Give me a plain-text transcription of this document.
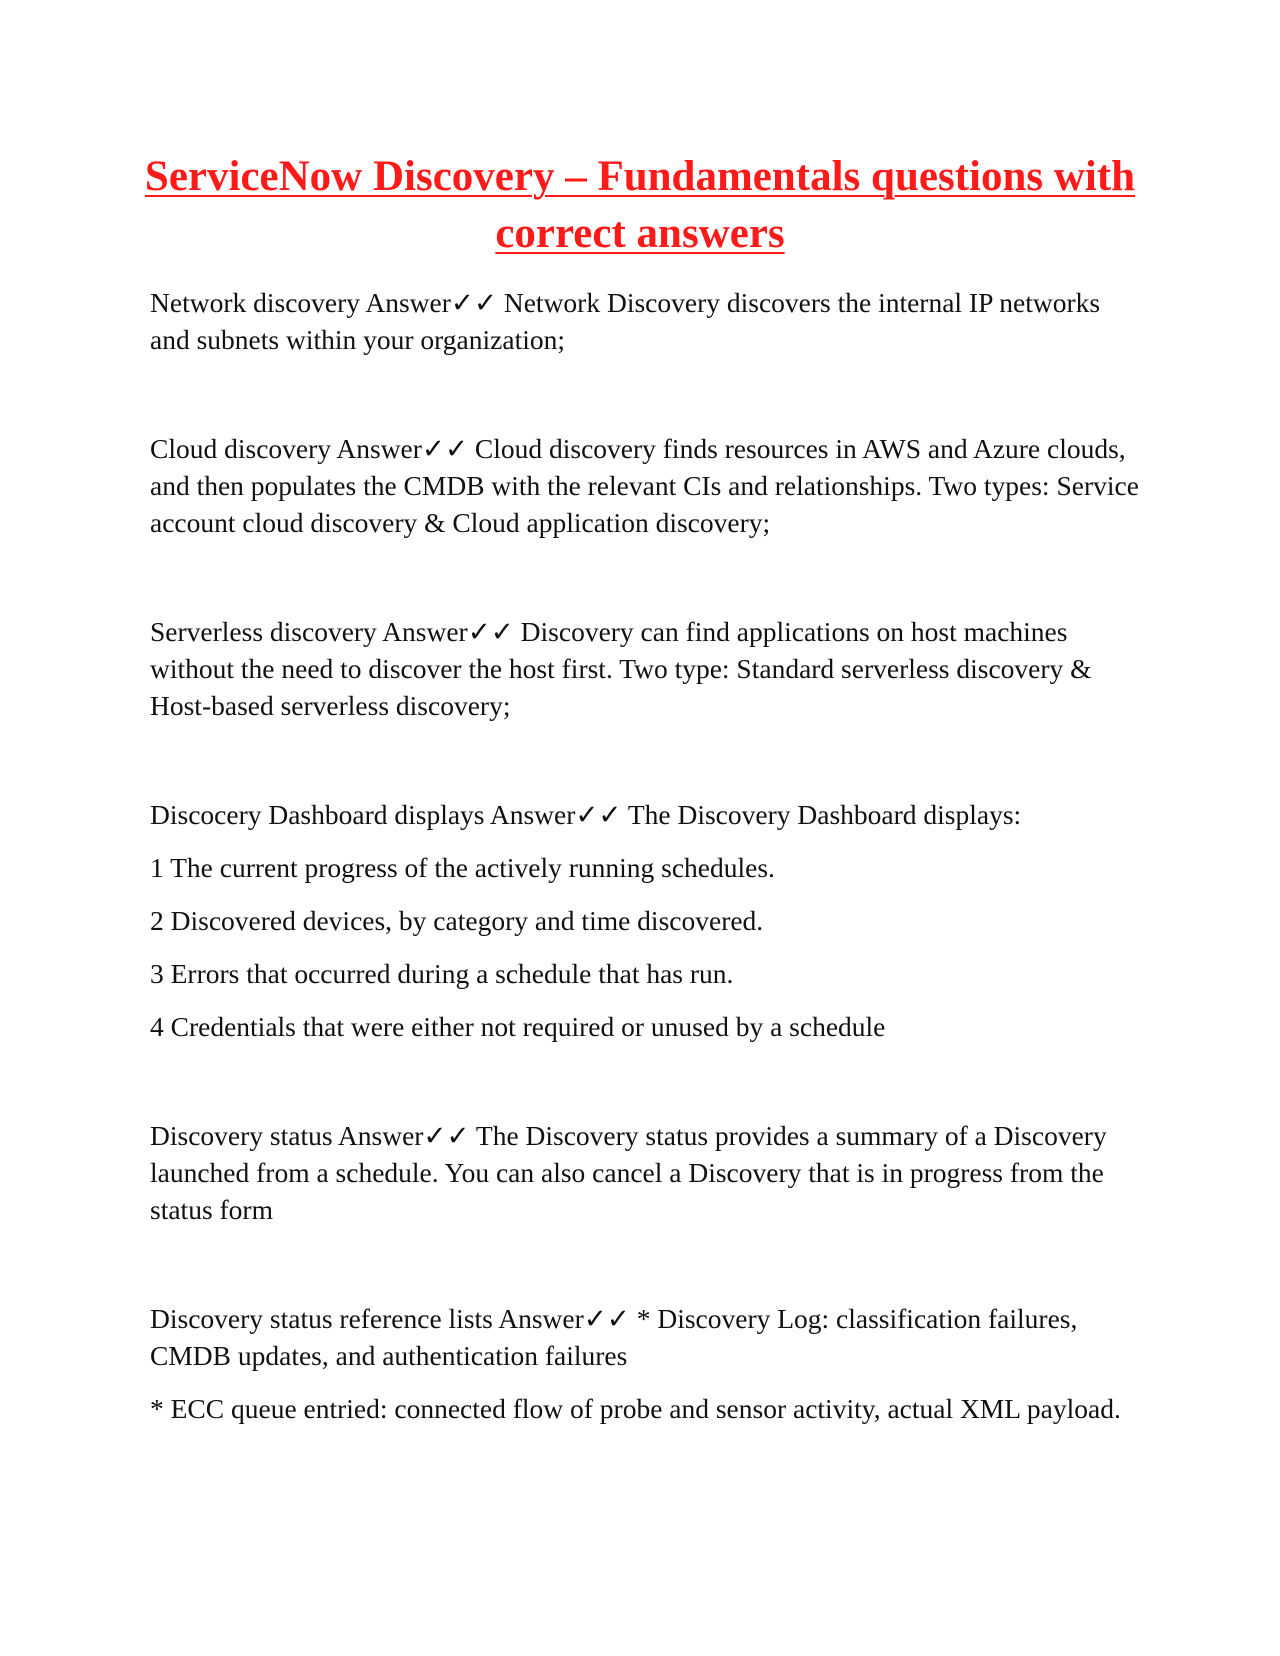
ServiceNow Discovery – Fundamentals questions with correct answers

Network discovery Answer✓✓ Network Discovery discovers the internal IP networks and subnets within your organization;

Cloud discovery Answer✓✓ Cloud discovery finds resources in AWS and Azure clouds, and then populates the CMDB with the relevant CIs and relationships. Two types: Service account cloud discovery & Cloud application discovery;

Serverless discovery Answer✓✓ Discovery can find applications on host machines without the need to discover the host first. Two type: Standard serverless discovery & Host-based serverless discovery;

Discocery Dashboard displays Answer✓✓ The Discovery Dashboard displays:

1 The current progress of the actively running schedules.

2 Discovered devices, by category and time discovered.

3 Errors that occurred during a schedule that has run.

4 Credentials that were either not required or unused by a schedule

Discovery status Answer✓✓ The Discovery status provides a summary of a Discovery launched from a schedule. You can also cancel a Discovery that is in progress from the status form

Discovery status reference lists Answer✓✓ * Discovery Log: classification failures, CMDB updates, and authentication failures

* ECC queue entried: connected flow of probe and sensor activity, actual XML payload.
